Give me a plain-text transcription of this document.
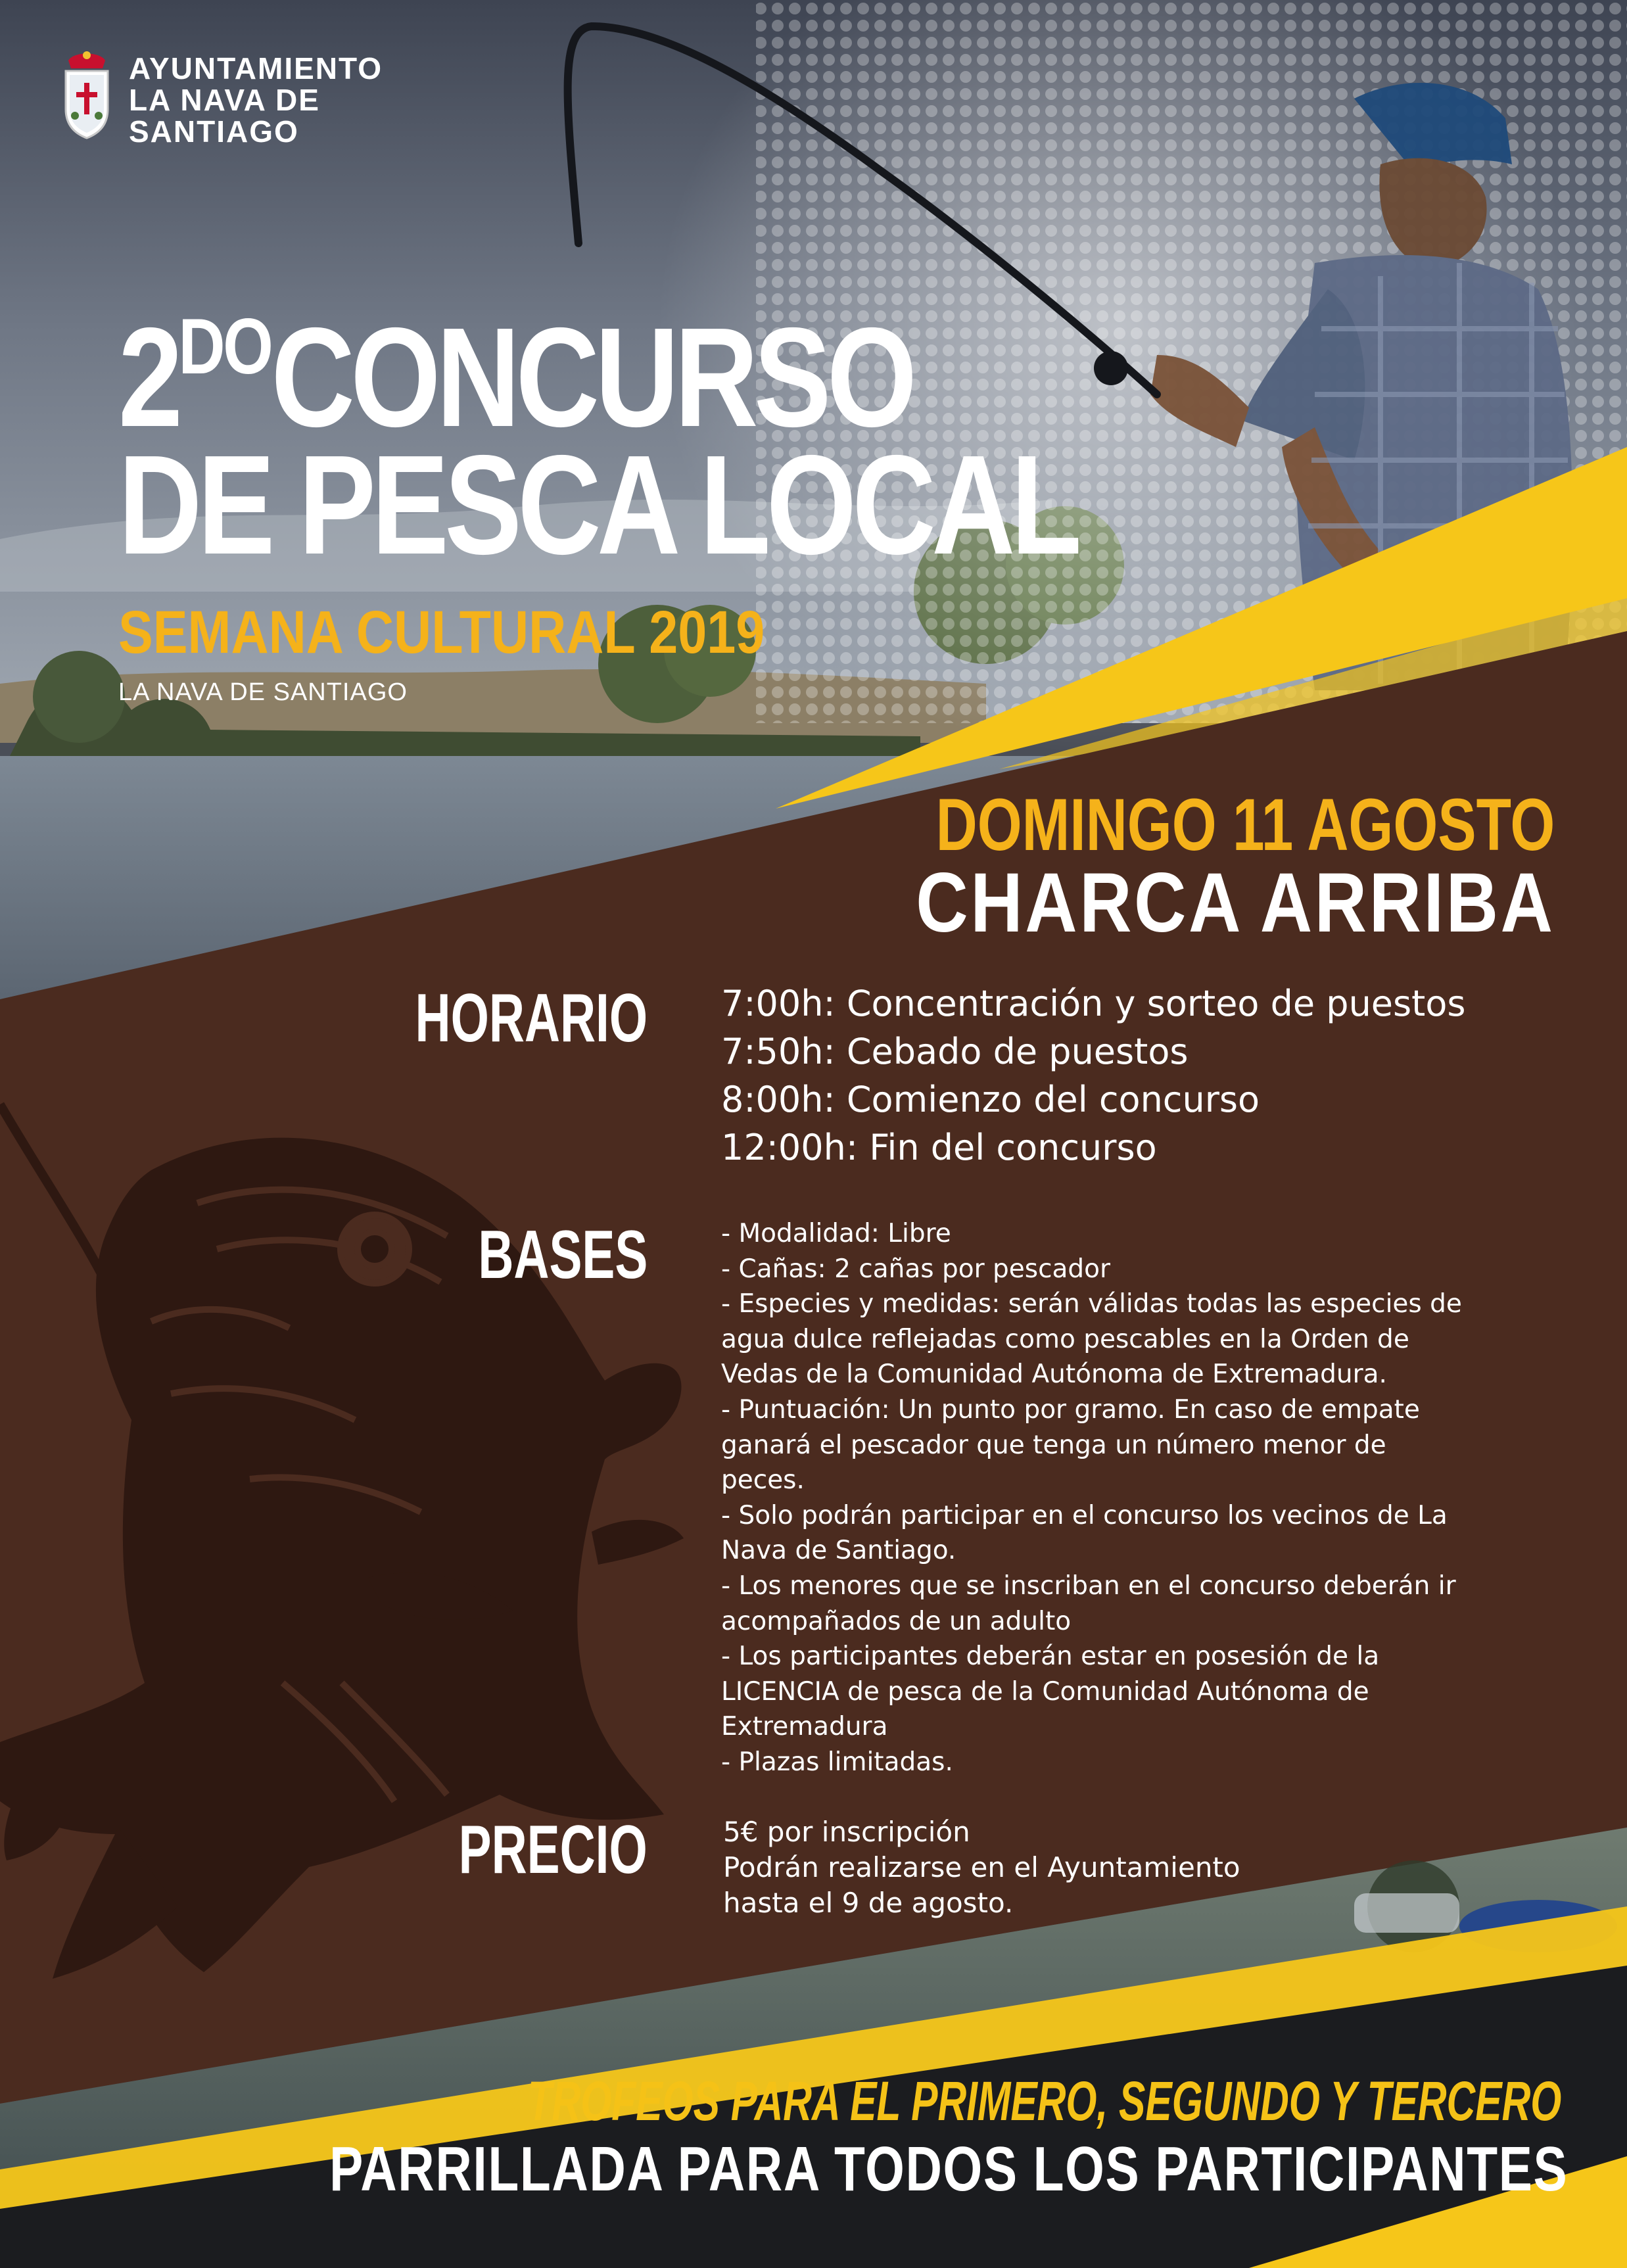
AYUNTAMIENTO
LA NAVA DE
SANTIAGO
$2^{DO}CONCURSO$
DE PESCA LOCAL
SEMANA CULTURAL 2019
LA NAVA DE SANTIAGO
DOMINGO 11 AGOSTO
CHARCA ARRIBA
HORARIO 7:00h: Concentración y sorteo de puestos
7:50h: Cebado de puestos
8:00h: Comienzo del concurso
12:00h: Fin del concurso
BASES	- Modalidad: Libre
- Cañas: 2 cañas por pescador
- Especies y medidas: serán válidas todas las especies de
agua dulce reflejadas como pescables en la Orden de
Vedas de la Comunidad Autónoma de Extremadura.
- Puntuación: Un punto por gramo. En caso de empate
ganará el pescador que tenga un número menor de
peces.
- Solo podrán participar en el concurso los vecinos de La
Nava de Santiago.
- Los menores que se inscriban en el concurso deberán ir
acompañados de un adulto
- Los participantes deberán estar en posesión de la
LICENCIA de pesca de la Comunidad Autónoma de
Extremadura
- Plazas limitadas.
PRECIO	5€ por inscripción
Podrán realizarse en el Ayuntamiento
hasta el 9 de agosto.
TROFEOS PARA EL PRIMERO, SEGUNDO Y TERCERO
PARRILLADA PARA TODOS LOS PARTICIPANTES
